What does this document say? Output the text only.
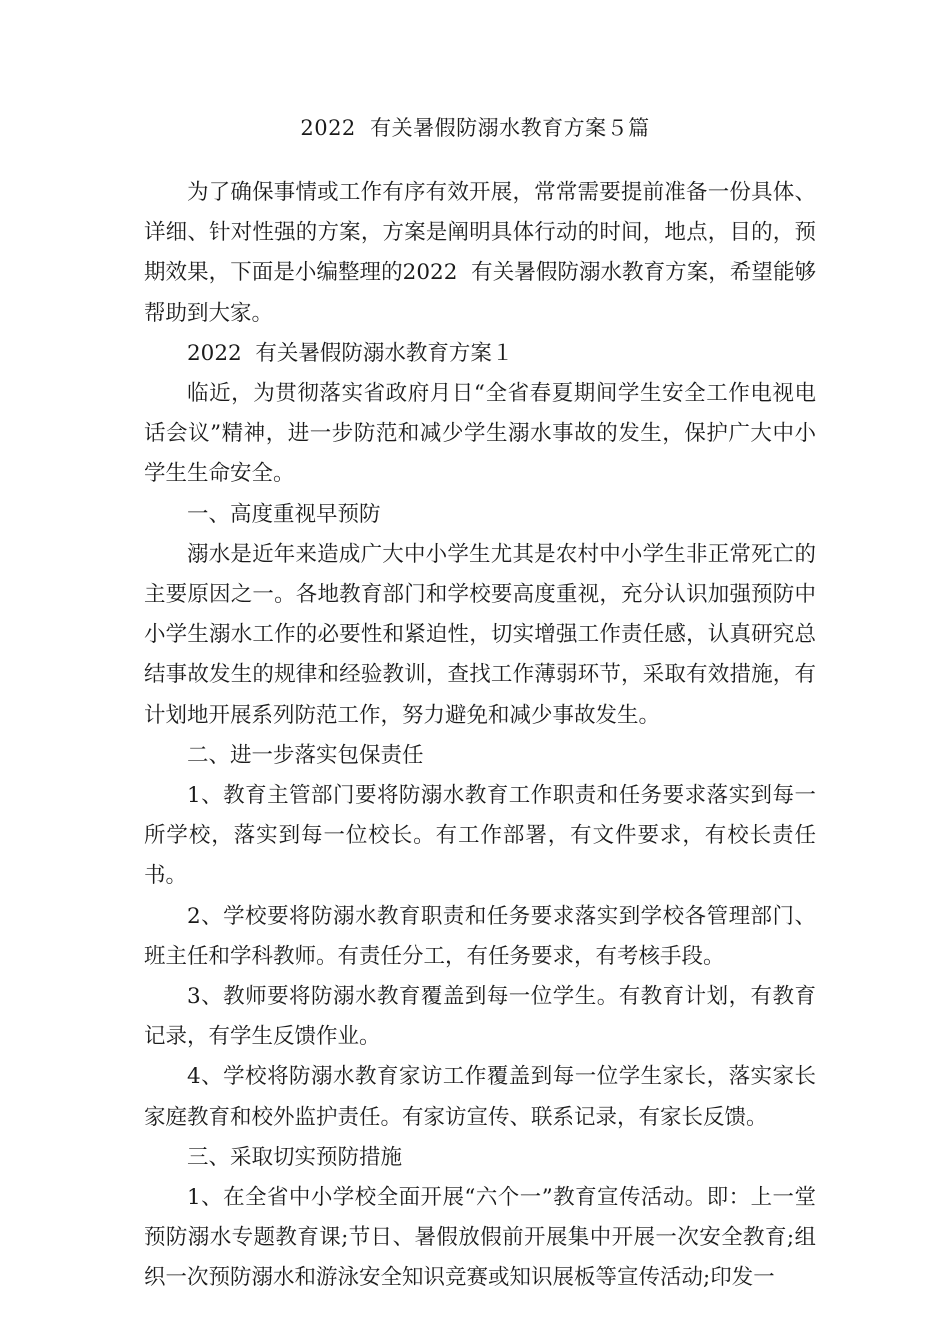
2022  有关暑假防溺水教育方案５篇

为了确保事情或工作有序有效开展，常常需要提前准备一份具体、详细、针对性强的方案，方案是阐明具体行动的时间，地点，目的，预期效果，下面是小编整理的2022  有关暑假防溺水教育方案，希望能够帮助到大家。

2022  有关暑假防溺水教育方案１

临近，为贯彻落实省政府月日“全省春夏期间学生安全工作电视电话会议”精神，进一步防范和减少学生溺水事故的发生，保护广大中小学生生命安全。

一、高度重视早预防

溺水是近年来造成广大中小学生尤其是农村中小学生非正常死亡的主要原因之一。各地教育部门和学校要高度重视，充分认识加强预防中小学生溺水工作的必要性和紧迫性，切实增强工作责任感，认真研究总结事故发生的规律和经验教训，查找工作薄弱环节，采取有效措施，有计划地开展系列防范工作，努力避免和减少事故发生。

二、进一步落实包保责任

1、教育主管部门要将防溺水教育工作职责和任务要求落实到每一所学校，落实到每一位校长。有工作部署，有文件要求，有校长责任书。

2、学校要将防溺水教育职责和任务要求落实到学校各管理部门、班主任和学科教师。有责任分工，有任务要求，有考核手段。

3、教师要将防溺水教育覆盖到每一位学生。有教育计划，有教育记录，有学生反馈作业。

4、学校将防溺水教育家访工作覆盖到每一位学生家长，落实家长家庭教育和校外监护责任。有家访宣传、联系记录，有家长反馈。

三、采取切实预防措施

1、在全省中小学校全面开展“六个一”教育宣传活动。即：上一堂预防溺水专题教育课;节日、暑假放假前开展集中开展一次安全教育;组织一次预防溺水和游泳安全知识竞赛或知识展板等宣传活动;印发一
